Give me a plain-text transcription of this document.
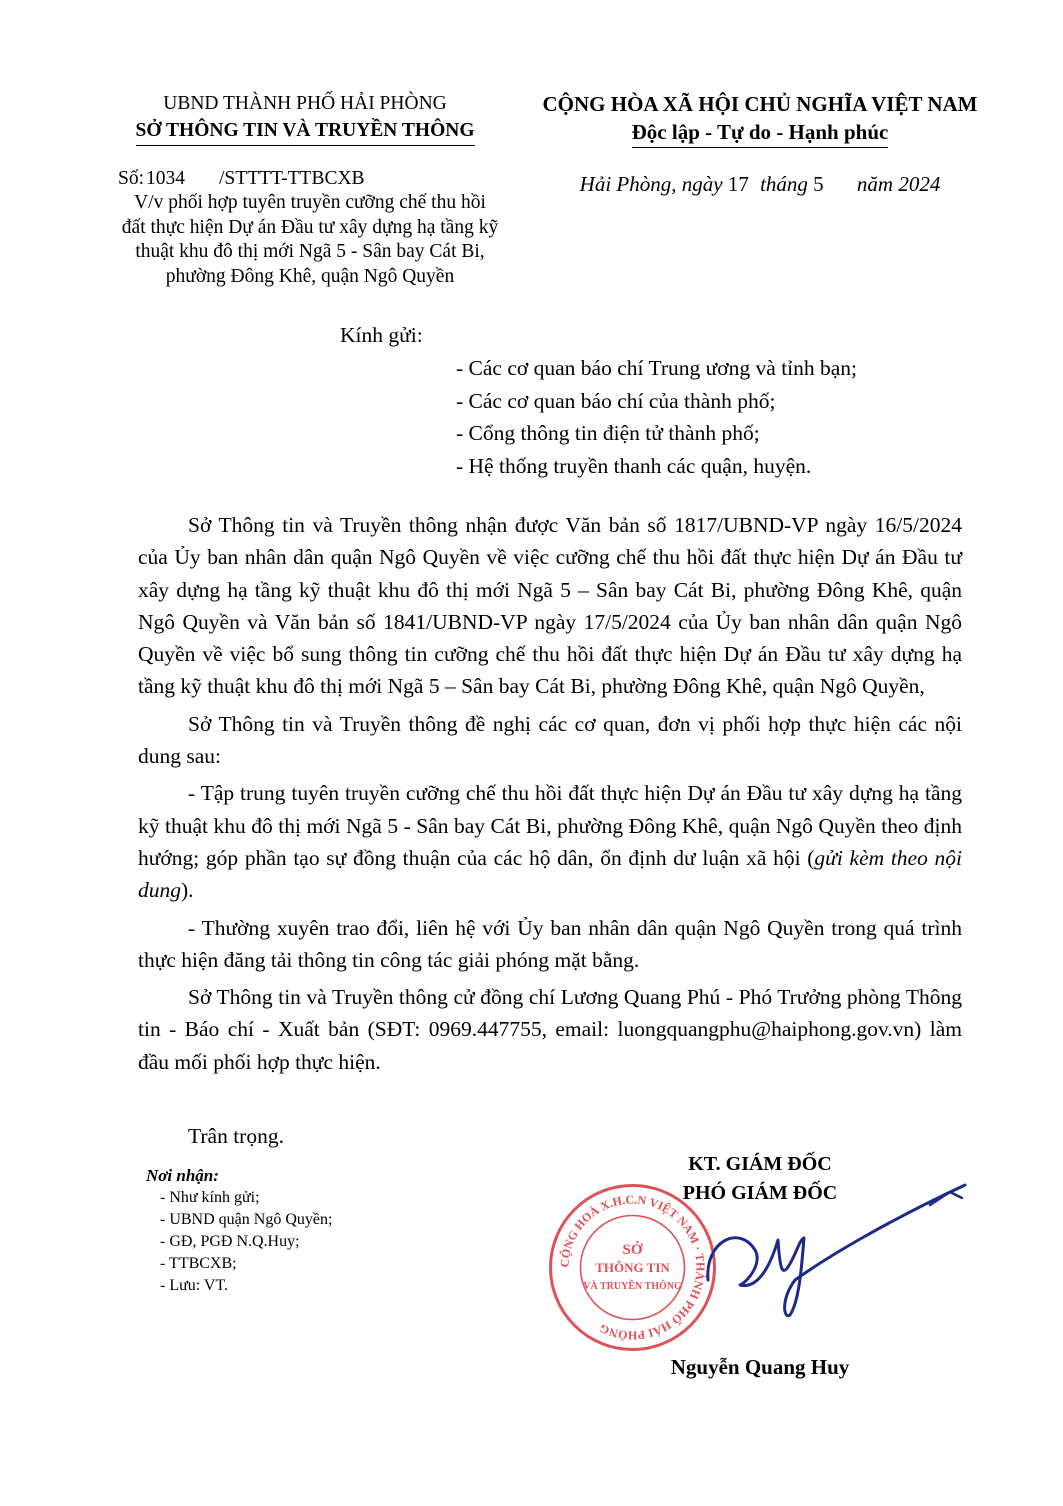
UBND THÀNH PHỐ HẢI PHÒNG
SỞ THÔNG TIN VÀ TRUYỀN THÔNG
CỘNG HÒA XÃ HỘI CHỦ NGHĨA VIỆT NAM
Độc lập - Tự do - Hạnh phúc
Số: 1034 /STTTT-TTBCXB
V/v phối hợp tuyên truyền cưỡng chế thu hồi
đất thực hiện Dự án Đầu tư xây dựng hạ tầng kỹ
thuật khu đô thị mới Ngã 5 - Sân bay Cát Bi,
phường Đông Khê, quận Ngô Quyền
Hải Phòng, ngày 17 tháng 5 năm 2024
Kính gửi:
- Các cơ quan báo chí Trung ương và tỉnh bạn;
- Các cơ quan báo chí của thành phố;
- Cổng thông tin điện tử thành phố;
- Hệ thống truyền thanh các quận, huyện.

Sở Thông tin và Truyền thông nhận được Văn bản số 1817/UBND-VP ngày 16/5/2024 của Ủy ban nhân dân quận Ngô Quyền về việc cưỡng chế thu hồi đất thực hiện Dự án Đầu tư xây dựng hạ tầng kỹ thuật khu đô thị mới Ngã 5 – Sân bay Cát Bi, phường Đông Khê, quận Ngô Quyền và Văn bản số 1841/UBND-VP ngày 17/5/2024 của Ủy ban nhân dân quận Ngô Quyền về việc bổ sung thông tin cưỡng chế thu hồi đất thực hiện Dự án Đầu tư xây dựng hạ tầng kỹ thuật khu đô thị mới Ngã 5 – Sân bay Cát Bi, phường Đông Khê, quận Ngô Quyền,

Sở Thông tin và Truyền thông đề nghị các cơ quan, đơn vị phối hợp thực hiện các nội dung sau:

- Tập trung tuyên truyền cưỡng chế thu hồi đất thực hiện Dự án Đầu tư xây dựng hạ tầng kỹ thuật khu đô thị mới Ngã 5 - Sân bay Cát Bi, phường Đông Khê, quận Ngô Quyền theo định hướng; góp phần tạo sự đồng thuận của các hộ dân, ổn định dư luận xã hội (gửi kèm theo nội dung).

- Thường xuyên trao đổi, liên hệ với Ủy ban nhân dân quận Ngô Quyền trong quá trình thực hiện đăng tải thông tin công tác giải phóng mặt bằng.

Sở Thông tin và Truyền thông cử đồng chí Lương Quang Phú - Phó Trưởng phòng Thông tin - Báo chí - Xuất bản (SĐT: 0969.447755, email: luongquangphu@haiphong.gov.vn) làm đầu mối phối hợp thực hiện.

Trân trọng.
Nơi nhận:
- Như kính gửi;
- UBND quận Ngô Quyền;
- GĐ, PGĐ N.Q.Huy;
- TTBCXB;
- Lưu: VT.
KT. GIÁM ĐỐC
PHÓ GIÁM ĐỐC
CỘNG HOÀ X.H.C.N VIỆT NAM · THÀNH PHỐ HẢI PHÒNG
SỞ
THÔNG TIN
VÀ TRUYỀN THÔNG
Nguyễn Quang Huy
